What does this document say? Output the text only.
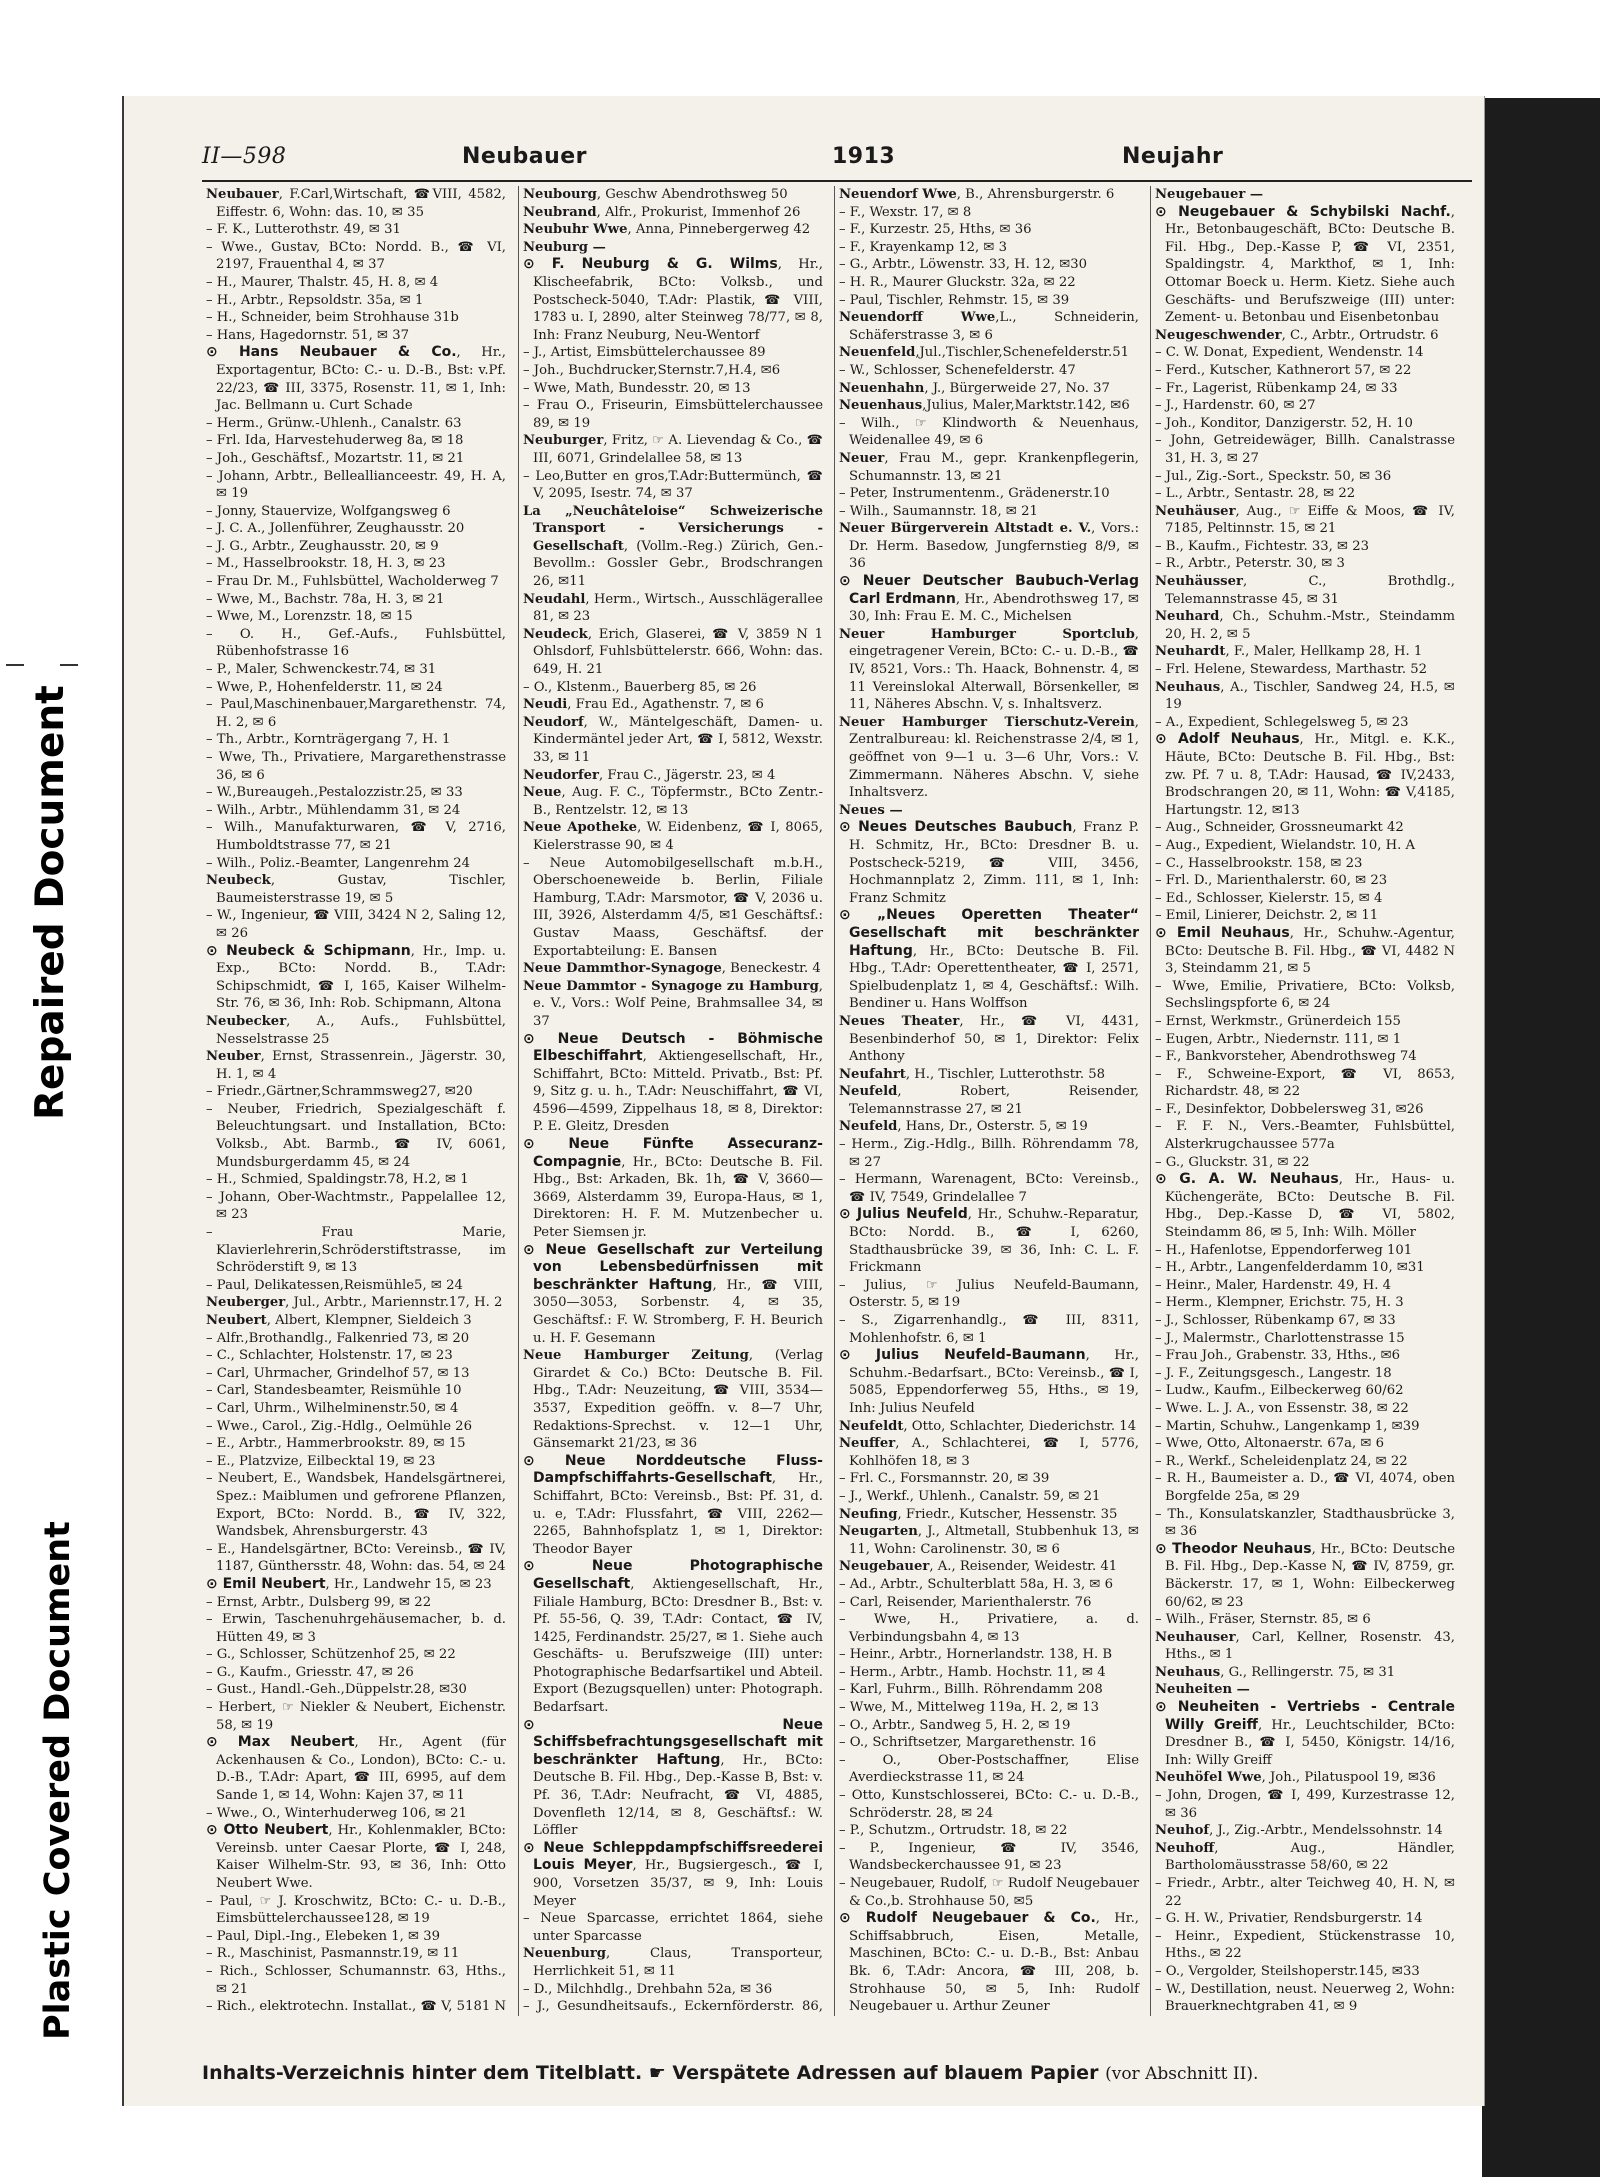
Repaired Document
Plastic Covered Document
II—598	Neubauer	1913	Neujahr
Neubauer, F.Carl,Wirtschaft, ☎VIII, 4582, Eiffestr. 6, Wohn: das. 10, ✉ 35
– F. K., Lutterothstr. 49, ✉ 31
– Wwe., Gustav, BCto: Nordd. B., ☎ VI, 2197, Frauenthal 4, ✉ 37
– H., Maurer, Thalstr. 45, H. 8, ✉ 4
– H., Arbtr., Repsoldstr. 35a, ✉ 1
– H., Schneider, beim Strohhause 31b
– Hans, Hagedornstr. 51, ✉ 37
⊙ Hans Neubauer & Co., Hr., Exportagentur, BCto: C.- u. D.-B., Bst: v.Pf. 22/23, ☎ III, 3375, Rosenstr. 11, ✉ 1, Inh: Jac. Bellmann u. Curt Schade
– Herm., Grünw.-Uhlenh., Canalstr. 63
– Frl. Ida, Harvestehuderweg 8a, ✉ 18
– Joh., Geschäftsf., Mozartstr. 11, ✉ 21
– Johann, Arbtr., Belleallianceestr. 49, H. A, ✉ 19
– Jonny, Stauervize, Wolfgangsweg 6
– J. C. A., Jollenführer, Zeughausstr. 20
– J. G., Arbtr., Zeughausstr. 20, ✉ 9
– M., Hasselbrookstr. 18, H. 3, ✉ 23
– Frau Dr. M., Fuhlsbüttel, Wacholderweg 7
– Wwe, M., Bachstr. 78a, H. 3, ✉ 21
– Wwe, M., Lorenzstr. 18, ✉ 15
– O. H., Gef.-Aufs., Fuhlsbüttel, Rübenhofstrasse 16
– P., Maler, Schwenckestr.74, ✉ 31
– Wwe, P., Hohenfelderstr. 11, ✉ 24
– Paul,Maschinenbauer,Margarethenstr. 74, H. 2, ✉ 6
– Th., Arbtr., Kornträgergang 7, H. 1
– Wwe, Th., Privatiere, Margarethenstrasse 36, ✉ 6
– W.,Bureaugeh.,Pestalozzistr.25, ✉ 33
– Wilh., Arbtr., Mühlendamm 31, ✉ 24
– Wilh., Manufakturwaren, ☎ V, 2716, Humboldtstrasse 77, ✉ 21
– Wilh., Poliz.-Beamter, Langenrehm 24
Neubeck, Gustav, Tischler, Baumeisterstrasse 19, ✉ 5
– W., Ingenieur, ☎ VIII, 3424 N 2, Saling 12, ✉ 26
⊙ Neubeck & Schipmann, Hr., Imp. u. Exp., BCto: Nordd. B., T.Adr: Schipschmidt, ☎ I, 165, Kaiser Wilhelm-Str. 76, ✉ 36, Inh: Rob. Schipmann, Altona
Neubecker, A., Aufs., Fuhlsbüttel, Nesselstrasse 25
Neuber, Ernst, Strassenrein., Jägerstr. 30, H. 1, ✉ 4
– Friedr.,Gärtner,Schrammsweg27, ✉20
– Neuber, Friedrich, Spezialgeschäft f. Beleuchtungsart. und Installation, BCto: Volksb., Abt. Barmb., ☎ IV, 6061, Mundsburgerdamm 45, ✉ 24
– H., Schmied, Spaldingstr.78, H.2, ✉ 1
– Johann, Ober-Wachtmstr., Pappelallee 12, ✉ 23
– Frau Marie, Klavierlehrerin,Schröderstiftstrasse, im Schröderstift 9, ✉ 13
– Paul, Delikatessen,Reismühle5, ✉ 24
Neuberger, Jul., Arbtr., Mariennstr.17, H. 2
Neubert, Albert, Klempner, Sieldeich 3
– Alfr.,Brothandlg., Falkenried 73, ✉ 20
– C., Schlachter, Holstenstr. 17, ✉ 23
– Carl, Uhrmacher, Grindelhof 57, ✉ 13
– Carl, Standesbeamter, Reismühle 10
– Carl, Uhrm., Wilhelminenstr.50, ✉ 4
– Wwe., Carol., Zig.-Hdlg., Oelmühle 26
– E., Arbtr., Hammerbrookstr. 89, ✉ 15
– E., Platzvize, Eilbecktal 19, ✉ 23
– Neubert, E., Wandsbek, Handelsgärtnerei, Spez.: Maiblumen und gefrorene Pflanzen, Export, BCto: Nordd. B., ☎ IV, 322, Wandsbek, Ahrensburgerstr. 43
– E., Handelsgärtner, BCto: Vereinsb., ☎ IV, 1187, Günthersstr. 48, Wohn: das. 54, ✉ 24
⊙ Emil Neubert, Hr., Landwehr 15, ✉ 23
– Ernst, Arbtr., Dulsberg 99, ✉ 22
– Erwin, Taschenuhrgehäusemacher, b. d. Hütten 49, ✉ 3
– G., Schlosser, Schützenhof 25, ✉ 22
– G., Kaufm., Griesstr. 47, ✉ 26
– Gust., Handl.-Geh.,Düppelstr.28, ✉30
– Herbert, ☞ Niekler & Neubert, Eichenstr. 58, ✉ 19
⊙ Max Neubert, Hr., Agent (für Ackenhausen & Co., London), BCto: C.- u. D.-B., T.Adr: Apart, ☎ III, 6995, auf dem Sande 1, ✉ 14, Wohn: Kajen 37, ✉ 11
– Wwe., O., Winterhuderweg 106, ✉ 21
⊙ Otto Neubert, Hr., Kohlenmakler, BCto: Vereinsb. unter Caesar Plorte, ☎ I, 248, Kaiser Wilhelm-Str. 93, ✉ 36, Inh: Otto Neubert Wwe.
– Paul, ☞ J. Kroschwitz, BCto: C.- u. D.-B., Eimsbüttelerchaussee128, ✉ 19
– Paul, Dipl.-Ing., Elebeken 1, ✉ 39
– R., Maschinist, Pasmannstr.19, ✉ 11
– Rich., Schlosser, Schumannstr. 63, Hths., ✉ 21
– Rich., elektrotechn. Installat., ☎ V, 5181 N
Neubourg, Geschw Abendrothsweg 50
Neubrand, Alfr., Prokurist, Immenhof 26
Neubuhr Wwe, Anna, Pinnebergerweg 42
Neuburg —
⊙ F. Neuburg & G. Wilms, Hr., Klischeefabrik, BCto: Volksb., und Postscheck-5040, T.Adr: Plastik, ☎ VIII, 1783 u. I, 2890, alter Steinweg 78/77, ✉ 8, Inh: Franz Neuburg, Neu-Wentorf
– J., Artist, Eimsbüttelerchaussee 89
– Joh., Buchdrucker,Sternstr.7,H.4, ✉6
– Wwe, Math, Bundesstr. 20, ✉ 13
– Frau O., Friseurin, Eimsbüttelerchaussee 89, ✉ 19
Neuburger, Fritz, ☞ A. Lievendag & Co., ☎ III, 6071, Grindelallee 58, ✉ 13
– Leo,Butter en gros,T.Adr:Buttermünch, ☎ V, 2095, Isestr. 74, ✉ 37
La „Neuchâteloise“ Schweizerische Transport - Versicherungs - Gesellschaft, (Vollm.-Reg.) Zürich, Gen.-Bevollm.: Gossler Gebr., Brodschrangen 26, ✉11
Neudahl, Herm., Wirtsch., Ausschlägerallee 81, ✉ 23
Neudeck, Erich, Glaserei, ☎ V, 3859 N 1 Ohlsdorf, Fuhlsbüttelerstr. 666, Wohn: das. 649, H. 21
– O., Klstenm., Bauerberg 85, ✉ 26
Neudi, Frau Ed., Agathenstr. 7, ✉ 6
Neudorf, W., Mäntelgeschäft, Damen- u. Kindermäntel jeder Art, ☎ I, 5812, Wexstr. 33, ✉ 11
Neudorfer, Frau C., Jägerstr. 23, ✉ 4
Neue, Aug. F. C., Töpfermstr., BCto Zentr.-B., Rentzelstr. 12, ✉ 13
Neue Apotheke, W. Eidenbenz, ☎ I, 8065, Kielerstrasse 90, ✉ 4
– Neue Automobilgesellschaft m.b.H., Oberschoeneweide b. Berlin, Filiale Hamburg, T.Adr: Marsmotor, ☎ V, 2036 u. III, 3926, Alsterdamm 4/5, ✉1 Geschäftsf.: Gustav Maass, Geschäftsf. der Exportabteilung: E. Bansen
Neue Dammthor-Synagoge, Beneckestr. 4
Neue Dammtor - Synagoge zu Hamburg, e. V., Vors.: Wolf Peine, Brahmsallee 34, ✉ 37
⊙ Neue Deutsch - Böhmische Elbeschiffahrt, Aktiengesellschaft, Hr., Schiffahrt, BCto: Mitteld. Privatb., Bst: Pf. 9, Sitz g. u. h., T.Adr: Neuschiffahrt, ☎ VI, 4596—4599, Zippelhaus 18, ✉ 8, Direktor: P. E. Gleitz, Dresden
⊙ Neue Fünfte Assecuranz-Compagnie, Hr., BCto: Deutsche B. Fil. Hbg., Bst: Arkaden, Bk. 1h, ☎ V, 3660—3669, Alsterdamm 39, Europa-Haus, ✉ 1, Direktoren: H. F. M. Mutzenbecher u. Peter Siemsen jr.
⊙ Neue Gesellschaft zur Verteilung von Lebensbedürfnissen mit beschränkter Haftung, Hr., ☎ VIII, 3050—3053, Sorbenstr. 4, ✉ 35, Geschäftsf.: F. W. Stromberg, F. H. Beurich u. H. F. Gesemann
Neue Hamburger Zeitung, (Verlag Girardet & Co.) BCto: Deutsche B. Fil. Hbg., T.Adr: Neuzeitung, ☎ VIII, 3534—3537, Expedition geöffn. v. 8—7 Uhr, Redaktions-Sprechst. v. 12—1 Uhr, Gänsemarkt 21/23, ✉ 36
⊙ Neue Norddeutsche Fluss-Dampfschiffahrts-Gesellschaft, Hr., Schiffahrt, BCto: Vereinsb., Bst: Pf. 31, d. u. e, T.Adr: Flussfahrt, ☎ VIII, 2262—2265, Bahnhofsplatz 1, ✉ 1, Direktor: Theodor Bayer
⊙ Neue Photographische Gesellschaft, Aktiengesellschaft, Hr., Filiale Hamburg, BCto: Dresdner B., Bst: v. Pf. 55-56, Q. 39, T.Adr: Contact, ☎ IV, 1425, Ferdinandstr. 25/27, ✉ 1. Siehe auch Geschäfts- u. Berufszweige (III) unter: Photographische Bedarfsartikel und Abteil. Export (Bezugsquellen) unter: Photograph. Bedarfsart.
⊙ Neue Schiffsbefrachtungsgesellschaft mit beschränkter Haftung, Hr., BCto: Deutsche B. Fil. Hbg., Dep.-Kasse B, Bst: v. Pf. 36, T.Adr: Neufracht, ☎ VI, 4885, Dovenfleth 12/14, ✉ 8, Geschäftsf.: W. Löffler
⊙ Neue Schleppdampfschiffsreederei Louis Meyer, Hr., Bugsiergesch., ☎ I, 900, Vorsetzen 35/37, ✉ 9, Inh: Louis Meyer
– Neue Sparcasse, errichtet 1864, siehe unter Sparcasse
Neuenburg, Claus, Transporteur, Herrlichkeit 51, ✉ 11
– D., Milchhdlg., Drehbahn 52a, ✉ 36
– J., Gesundheitsaufs., Eckernförderstr. 86,
Neuendorf Wwe, B., Ahrensburgerstr. 6
– F., Wexstr. 17, ✉ 8
– F., Kurzestr. 25, Hths, ✉ 36
– F., Krayenkamp 12, ✉ 3
– G., Arbtr., Löwenstr. 33, H. 12, ✉30
– H. R., Maurer Gluckstr. 32a, ✉ 22
– Paul, Tischler, Rehmstr. 15, ✉ 39
Neuendorff Wwe,L., Schneiderin, Schäferstrasse 3, ✉ 6
Neuenfeld,Jul.,Tischler,Schenefelderstr.51
– W., Schlosser, Schenefelderstr. 47
Neuenhahn, J., Bürgerweide 27, No. 37
Neuenhaus,Julius, Maler,Marktstr.142, ✉6
– Wilh., ☞ Klindworth & Neuenhaus, Weidenallee 49, ✉ 6
Neuer, Frau M., gepr. Krankenpflegerin, Schumannstr. 13, ✉ 21
– Peter, Instrumentenm., Grädenerstr.10
– Wilh., Saumannstr. 18, ✉ 21
Neuer Bürgerverein Altstadt e. V., Vors.: Dr. Herm. Basedow, Jungfernstieg 8/9, ✉ 36
⊙ Neuer Deutscher Baubuch-Verlag Carl Erdmann, Hr., Abendrothsweg 17, ✉ 30, Inh: Frau E. M. C., Michelsen
Neuer Hamburger Sportclub, eingetragener Verein, BCto: C.- u. D.-B., ☎ IV, 8521, Vors.: Th. Haack, Bohnenstr. 4, ✉ 11 Vereinslokal Alterwall, Börsenkeller, ✉ 11, Näheres Abschn. V, s. Inhaltsverz.
Neuer Hamburger Tierschutz-Verein, Zentralbureau: kl. Reichenstrasse 2/4, ✉ 1, geöffnet von 9—1 u. 3—6 Uhr, Vors.: V. Zimmermann. Näheres Abschn. V, siehe Inhaltsverz.
Neues —
⊙ Neues Deutsches Baubuch, Franz P. H. Schmitz, Hr., BCto: Dresdner B. u. Postscheck-5219, ☎ VIII, 3456, Hochmannplatz 2, Zimm. 111, ✉ 1, Inh: Franz Schmitz
⊙ „Neues Operetten Theater“ Gesellschaft mit beschränkter Haftung, Hr., BCto: Deutsche B. Fil. Hbg., T.Adr: Operettentheater, ☎ I, 2571, Spielbudenplatz 1, ✉ 4, Geschäftsf.: Wilh. Bendiner u. Hans Wolffson
Neues Theater, Hr., ☎ VI, 4431, Besenbinderhof 50, ✉ 1, Direktor: Felix Anthony
Neufahrt, H., Tischler, Lutterothstr. 58
Neufeld, Robert, Reisender, Telemannstrasse 27, ✉ 21
Neufeld, Hans, Dr., Osterstr. 5, ✉ 19
– Herm., Zig.-Hdlg., Billh. Röhrendamm 78, ✉ 27
– Hermann, Warenagent, BCto: Vereinsb., ☎ IV, 7549, Grindelallee 7
⊙ Julius Neufeld, Hr., Schuhw.-Reparatur, BCto: Nordd. B., ☎ I, 6260, Stadthausbrücke 39, ✉ 36, Inh: C. L. F. Frickmann
– Julius, ☞ Julius Neufeld-Baumann, Osterstr. 5, ✉ 19
– S., Zigarrenhandlg., ☎ III, 8311, Mohlenhofstr. 6, ✉ 1
⊙ Julius Neufeld-Baumann, Hr., Schuhm.-Bedarfsart., BCto: Vereinsb., ☎ I, 5085, Eppendorferweg 55, Hths., ✉ 19, Inh: Julius Neufeld
Neufeldt, Otto, Schlachter, Diederichstr. 14
Neuffer, A., Schlachterei, ☎ I, 5776, Kohlhöfen 18, ✉ 3
– Frl. C., Forsmannstr. 20, ✉ 39
– J., Werkf., Uhlenh., Canalstr. 59, ✉ 21
Neufing, Friedr., Kutscher, Hessenstr. 35
Neugarten, J., Altmetall, Stubbenhuk 13, ✉ 11, Wohn: Carolinenstr. 30, ✉ 6
Neugebauer, A., Reisender, Weidestr. 41
– Ad., Arbtr., Schulterblatt 58a, H. 3, ✉ 6
– Carl, Reisender, Marienthalerstr. 76
– Wwe, H., Privatiere, a. d. Verbindungsbahn 4, ✉ 13
– Heinr., Arbtr., Hornerlandstr. 138, H. B
– Herm., Arbtr., Hamb. Hochstr. 11, ✉ 4
– Karl, Fuhrm., Billh. Röhrendamm 208
– Wwe, M., Mittelweg 119a, H. 2, ✉ 13
– O., Arbtr., Sandweg 5, H. 2, ✉ 19
– O., Schriftsetzer, Margarethenstr. 16
– O., Ober-Postschaffner, Elise Averdieckstrasse 11, ✉ 24
– Otto, Kunstschlosserei, BCto: C.- u. D.-B., Schröderstr. 28, ✉ 24
– P., Schutzm., Ortrudstr. 18, ✉ 22
– P., Ingenieur, ☎ IV, 3546, Wandsbeckerchaussee 91, ✉ 23
– Neugebauer, Rudolf, ☞ Rudolf Neugebauer & Co.,b. Strohhause 50, ✉5
⊙ Rudolf Neugebauer & Co., Hr., Schiffsabbruch, Eisen, Metalle, Maschinen, BCto: C.- u. D.-B., Bst: Anbau Bk. 6, T.Adr: Ancora, ☎ III, 208, b. Strohhause 50, ✉ 5, Inh: Rudolf Neugebauer u. Arthur Zeuner
Neugebauer —
⊙ Neugebauer & Schybilski Nachf., Hr., Betonbaugeschäft, BCto: Deutsche B. Fil. Hbg., Dep.-Kasse P, ☎ VI, 2351, Spaldingstr. 4, Markthof, ✉ 1, Inh: Ottomar Boeck u. Herm. Kietz. Siehe auch Geschäfts- und Berufszweige (III) unter: Zement- u. Betonbau und Eisenbetonbau
Neugeschwender, C., Arbtr., Ortrudstr. 6
– C. W. Donat, Expedient, Wendenstr. 14
– Ferd., Kutscher, Kathnerort 57, ✉ 22
– Fr., Lagerist, Rübenkamp 24, ✉ 33
– J., Hardenstr. 60, ✉ 27
– Joh., Konditor, Danzigerstr. 52, H. 10
– John, Getreidewäger, Billh. Canalstrasse 31, H. 3, ✉ 27
– Jul., Zig.-Sort., Speckstr. 50, ✉ 36
– L., Arbtr., Sentastr. 28, ✉ 22
Neuhäuser, Aug., ☞ Eiffe & Moos, ☎ IV, 7185, Peltinnstr. 15, ✉ 21
– B., Kaufm., Fichtestr. 33, ✉ 23
– R., Arbtr., Peterstr. 30, ✉ 3
Neuhäusser, C., Brothdlg., Telemannstrasse 45, ✉ 31
Neuhard, Ch., Schuhm.-Mstr., Steindamm 20, H. 2, ✉ 5
Neuhardt, F., Maler, Hellkamp 28, H. 1
– Frl. Helene, Stewardess, Marthastr. 52
Neuhaus, A., Tischler, Sandweg 24, H.5, ✉19
– A., Expedient, Schlegelsweg 5, ✉ 23
⊙ Adolf Neuhaus, Hr., Mitgl. e. K.K., Häute, BCto: Deutsche B. Fil. Hbg., Bst: zw. Pf. 7 u. 8, T.Adr: Hausad, ☎ IV,2433, Brodschrangen 20, ✉ 11, Wohn: ☎ V,4185, Hartungstr. 12, ✉13
– Aug., Schneider, Grossneumarkt 42
– Aug., Expedient, Wielandstr. 10, H. A
– C., Hasselbrookstr. 158, ✉ 23
– Frl. D., Marienthalerstr. 60, ✉ 23
– Ed., Schlosser, Kielerstr. 15, ✉ 4
– Emil, Linierer, Deichstr. 2, ✉ 11
⊙ Emil Neuhaus, Hr., Schuhw.-Agentur, BCto: Deutsche B. Fil. Hbg., ☎ VI, 4482 N 3, Steindamm 21, ✉ 5
– Wwe, Emilie, Privatiere, BCto: Volksb, Sechslingspforte 6, ✉ 24
– Ernst, Werkmstr., Grünerdeich 155
– Eugen, Arbtr., Niedernstr. 111, ✉ 1
– F., Bankvorsteher, Abendrothsweg 74
– F., Schweine-Export, ☎ VI, 8653, Richardstr. 48, ✉ 22
– F., Desinfektor, Dobbelersweg 31, ✉26
– F. F. N., Vers.-Beamter, Fuhlsbüttel, Alsterkrugchaussee 577a
– G., Gluckstr. 31, ✉ 22
⊙ G. A. W. Neuhaus, Hr., Haus- u. Küchengeräte, BCto: Deutsche B. Fil. Hbg., Dep.-Kasse D, ☎ VI, 5802, Steindamm 86, ✉ 5, Inh: Wilh. Möller
– H., Hafenlotse, Eppendorferweg 101
– H., Arbtr., Langenfelderdamm 10, ✉31
– Heinr., Maler, Hardenstr. 49, H. 4
– Herm., Klempner, Erichstr. 75, H. 3
– J., Schlosser, Rübenkamp 67, ✉ 33
– J., Malermstr., Charlottenstrasse 15
– Frau Joh., Grabenstr. 33, Hths., ✉6
– J. F., Zeitungsgesch., Langestr. 18
– Ludw., Kaufm., Eilbeckerweg 60/62
– Wwe. L. J. A., von Essenstr. 38, ✉ 22
– Martin, Schuhw., Langenkamp 1, ✉39
– Wwe, Otto, Altonaerstr. 67a, ✉ 6
– R., Werkf., Scheleidenplatz 24, ✉ 22
– R. H., Baumeister a. D., ☎ VI, 4074, oben Borgfelde 25a, ✉ 29
– Th., Konsulatskanzler, Stadthausbrücke 3, ✉ 36
⊙ Theodor Neuhaus, Hr., BCto: Deutsche B. Fil. Hbg., Dep.-Kasse N, ☎ IV, 8759, gr. Bäckerstr. 17, ✉ 1, Wohn: Eilbeckerweg 60/62, ✉ 23
– Wilh., Fräser, Sternstr. 85, ✉ 6
Neuhauser, Carl, Kellner, Rosenstr. 43, Hths., ✉ 1
Neuhaus, G., Rellingerstr. 75, ✉ 31
Neuheiten —
⊙ Neuheiten - Vertriebs - Centrale Willy Greiff, Hr., Leuchtschilder, BCto: Dresdner B., ☎ I, 5450, Königstr. 14/16, Inh: Willy Greiff
Neuhöfel Wwe, Joh., Pilatuspool 19, ✉36
– John, Drogen, ☎ I, 499, Kurzestrasse 12, ✉ 36
Neuhof, J., Zig.-Arbtr., Mendelssohnstr. 14
Neuhoff, Aug., Händler, Bartholomäusstrasse 58/60, ✉ 22
– Friedr., Arbtr., alter Teichweg 40, H. N, ✉ 22
– G. H. W., Privatier, Rendsburgerstr. 14
– Heinr., Expedient, Stückenstrasse 10, Hths., ✉ 22
– O., Vergolder, Steilshoperstr.145, ✉33
– W., Destillation, neust. Neuerweg 2, Wohn: Brauerknechtgraben 41, ✉ 9
Inhalts-Verzeichnis hinter dem Titelblatt. ☛ Verspätete Adressen auf blauem Papier (vor Abschnitt II).
